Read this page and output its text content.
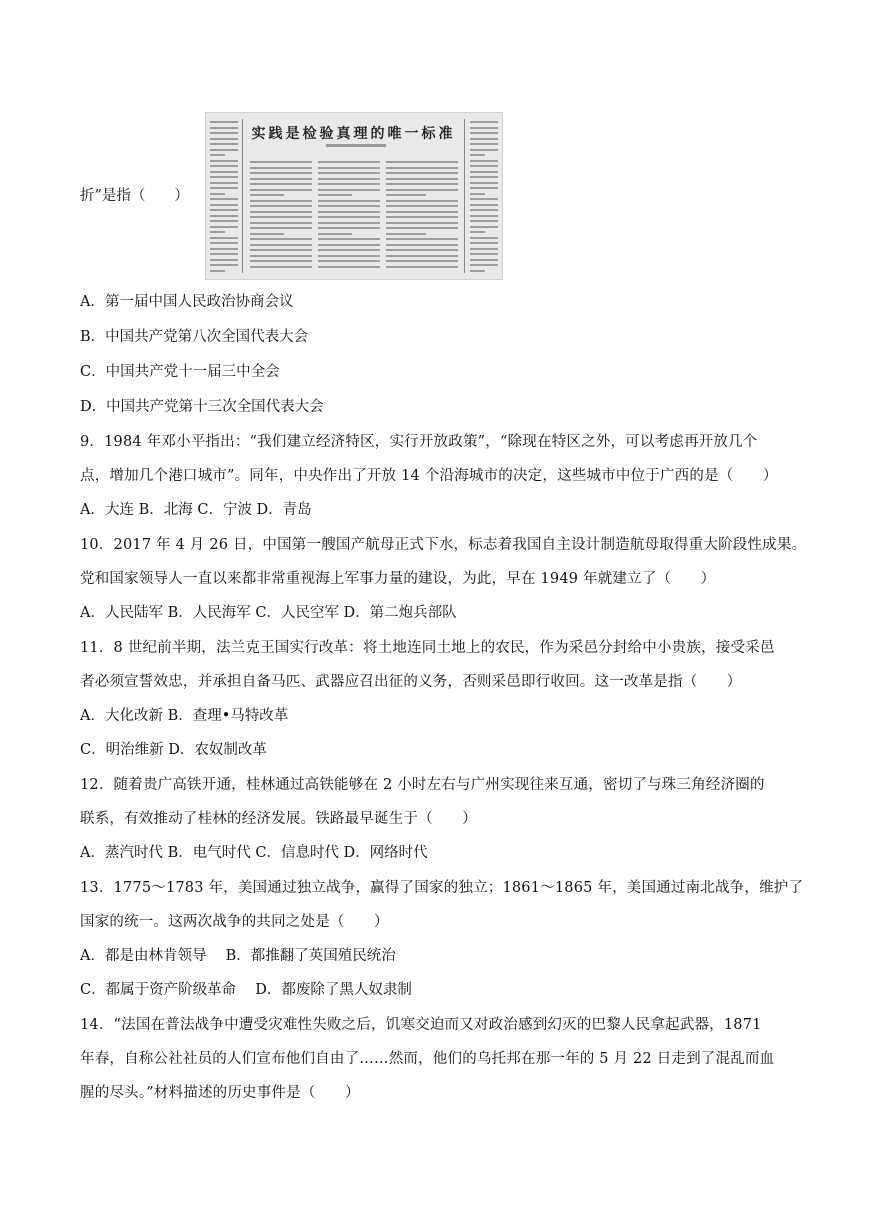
折”是指（　　）
实践是检验真理的唯一标准
A．第一届中国人民政治协商会议
B．中国共产党第八次全国代表大会
C．中国共产党十一届三中全会
D．中国共产党第十三次全国代表大会
9．1984 年邓小平指出：“我们建立经济特区，实行开放政策”，“除现在特区之外，可以考虑再开放几个
点，增加几个港口城市”。同年，中央作出了开放 14 个沿海城市的决定，这些城市中位于广西的是（　　）
A．大连 B．北海 C．宁波 D．青岛
10．2017 年 4 月 26 日，中国第一艘国产航母正式下水，标志着我国自主设计制造航母取得重大阶段性成果。
党和国家领导人一直以来都非常重视海上军事力量的建设，为此，早在 1949 年就建立了（　　）
A．人民陆军 B．人民海军 C．人民空军 D．第二炮兵部队
11．8 世纪前半期，法兰克王国实行改革：将土地连同土地上的农民，作为采邑分封给中小贵族，接受采邑
者必须宣誓效忠，并承担自备马匹、武器应召出征的义务，否则采邑即行收回。这一改革是指（　　）
A．大化改新 B．查理•马特改革
C．明治维新 D．农奴制改革
12．随着贵广高铁开通，桂林通过高铁能够在 2 小时左右与广州实现往来互通，密切了与珠三角经济圈的
联系，有效推动了桂林的经济发展。铁路最早诞生于（　　）
A．蒸汽时代 B．电气时代 C．信息时代 D．网络时代
13．1775～1783 年，美国通过独立战争，赢得了国家的独立；1861～1865 年，美国通过南北战争，维护了
国家的统一。这两次战争的共同之处是（　　）
A．都是由林肯领导　 B．都推翻了英国殖民统治
C．都属于资产阶级革命　 D．都废除了黑人奴隶制
14．“法国在普法战争中遭受灾难性失败之后，饥寒交迫而又对政治感到幻灭的巴黎人民拿起武器，1871
年春，自称公社社员的人们宣布他们自由了……然而，他们的乌托邦在那一年的 5 月 22 日走到了混乱而血
腥的尽头。”材料描述的历史事件是（　　）
